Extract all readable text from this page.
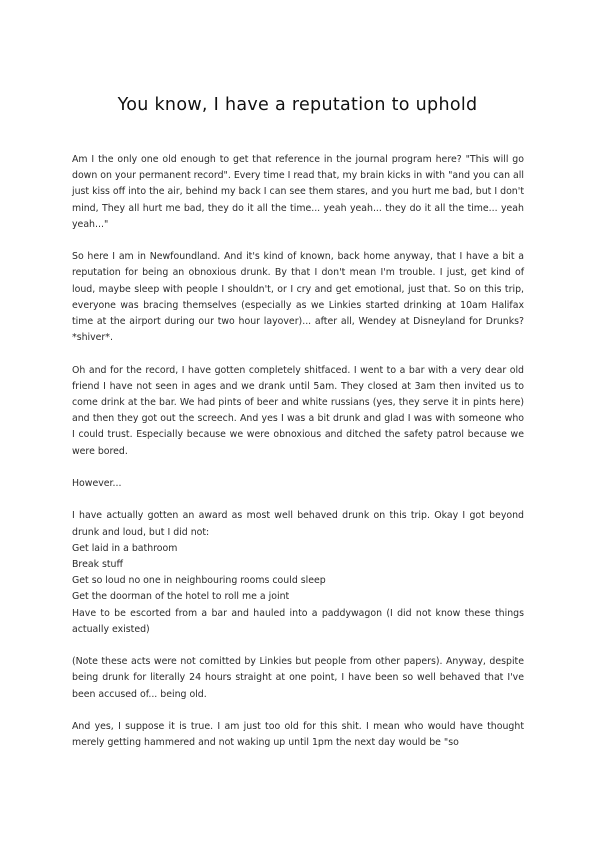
You know, I have a reputation to uphold

Am I the only one old enough to get that reference in the journal program here? "This will go down on your permanent record". Every time I read that, my brain kicks in with "and you can all just kiss off into the air, behind my back I can see them stares, and you hurt me bad, but I don't mind, They all hurt me bad, they do it all the time... yeah yeah... they do it all the time... yeah yeah..."

So here I am in Newfoundland. And it's kind of known, back home anyway, that I have a bit a reputation for being an obnoxious drunk. By that I don't mean I'm trouble. I just, get kind of loud, maybe sleep with people I shouldn't, or I cry and get emotional, just that. So on this trip, everyone was bracing themselves (especially as we Linkies started drinking at 10am Halifax time at the airport during our two hour layover)... after all, Wendey at Disneyland for Drunks? *shiver*.

Oh and for the record, I have gotten completely shitfaced. I went to a bar with a very dear old friend I have not seen in ages and we drank until 5am. They closed at 3am then invited us to come drink at the bar. We had pints of beer and white russians (yes, they serve it in pints here) and then they got out the screech. And yes I was a bit drunk and glad I was with someone who I could trust. Especially because we were obnoxious and ditched the safety patrol because we were bored.

However...

I have actually gotten an award as most well behaved drunk on this trip. Okay I got beyond drunk and loud, but I did not:

Get laid in a bathroom
Break stuff
Get so loud no one in neighbouring rooms could sleep
Get the doorman of the hotel to roll me a joint
Have to be escorted from a bar and hauled into a paddywagon (I did not know these things actually existed)

(Note these acts were not comitted by Linkies but people from other papers). Anyway, despite being drunk for literally 24 hours straight at one point, I have been so well behaved that I've been accused of... being old.

And yes, I suppose it is true. I am just too old for this shit. I mean who would have thought merely getting hammered and not waking up until 1pm the next day would be "so
